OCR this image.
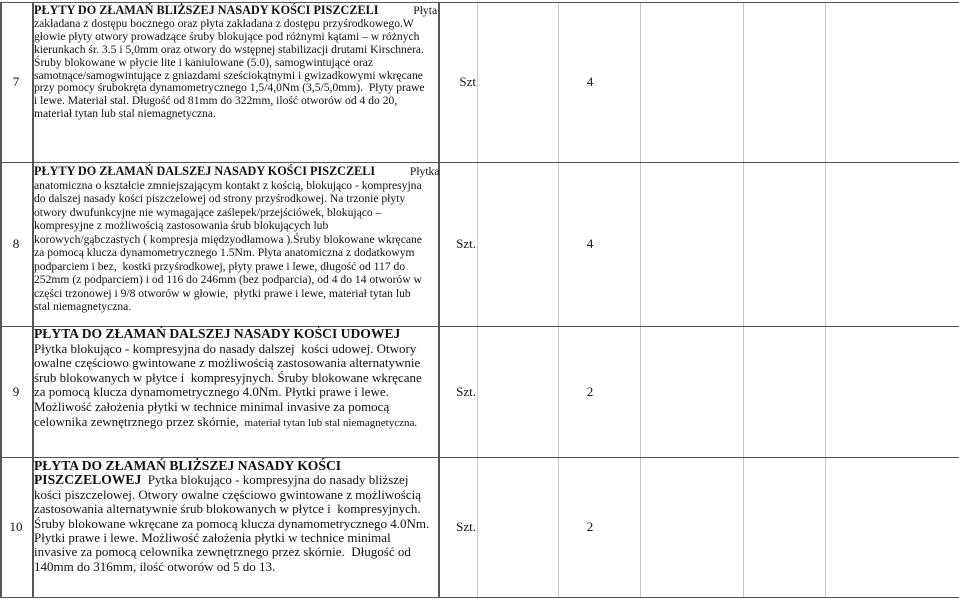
7
PŁYTY DO ZŁAMAŃ BLIŻSZEJ NASADY KOŚCI PISZCZELI            Płyta
zakładana z dostępu bocznego oraz płyta zakładana z dostępu przyśrodkowego.W
głowie płyty otwory prowadzące śruby blokujące pod różnymi kątami – w różnych
kierunkach śr. 3.5 i 5,0mm oraz otwory do wstępnej stabilizacji drutami Kirschnera.
Śruby blokowane w płycie lite i kaniulowane (5.0), samogwintujące oraz
samotnące/samogwintujące z gniazdami sześciokątnymi i gwizadkowymi wkręcane
przy pomocy śrubokręta dynamometrycznego 1,5/4,0Nm (3,5/5,0mm).  Płyty prawe
i lewe. Materiał stal. Długość od 81mm do 322mm, ilość otworów od 4 do 20,
materiał tytan lub stal niemagnetyczna.
Szt	4
8
PŁYTY DO ZŁAMAŃ DALSZEJ NASADY KOŚCI PISZCZELI            Płytka
anatomiczna o kształcie zmniejszającym kontakt z kością, blokująco - kompresyjna
do dalszej nasady kości piszczelowej od strony przyśrodkowej. Na trzonie płyty
otwory dwufunkcyjne nie wymagające zaślepek/przejściówek, blokująco –
kompresyjne z możliwością zastosowania śrub blokujących lub
korowych/gąbczastych ( kompresja międzyodłamowa ).Śruby blokowane wkręcane
za pomocą klucza dynamometrycznego 1.5Nm. Płyta anatomiczna z dodatkowym
podparciem i bez,  kostki przyśrodkowej, płyty prawe i lewe, długość od 117 do
252mm (z podparciem) i od 116 do 246mm (bez podparcia), od 4 do 14 otworów w
części trzonowej i 9/8 otworów w głowie,  płytki prawe i lewe, materiał tytan lub
stal niemagnetyczna.
Szt.	4
9
PŁYTA DO ZŁAMAŃ DALSZEJ NASADY KOŚCI UDOWEJ
Płytka blokująco - kompresyjna do nasady dalszej  kości udowej. Otwory
owalne częściowo gwintowane z możliwością zastosowania alternatywnie
śrub blokowanych w płytce i  kompresyjnych. Śruby blokowane wkręcane
za pomocą klucza dynamometrycznego 4.0Nm. Płytki prawe i lewe.
Możliwość założenia płytki w technice minimal invasive za pomocą
celownika zewnętrznego przez skórnie,  materiał tytan lub stal niemagnetyczna.
Szt.	2
10
PŁYTA DO ZŁAMAŃ BLIŻSZEJ NASADY KOŚCI
PISZCZELOWEJ  Pytka blokująco - kompresyjna do nasady bliższej
kości piszczelowej. Otwory owalne częściowo gwintowane z możliwością
zastosowania alternatywnie śrub blokowanych w płytce i  kompresyjnych.
Śruby blokowane wkręcane za pomocą klucza dynamometrycznego 4.0Nm.
Płytki prawe i lewe. Możliwość założenia płytki w technice minimal
invasive za pomocą celownika zewnętrznego przez skórnie.  Długość od
140mm do 316mm, ilość otworów od 5 do 13.
Szt.	2
